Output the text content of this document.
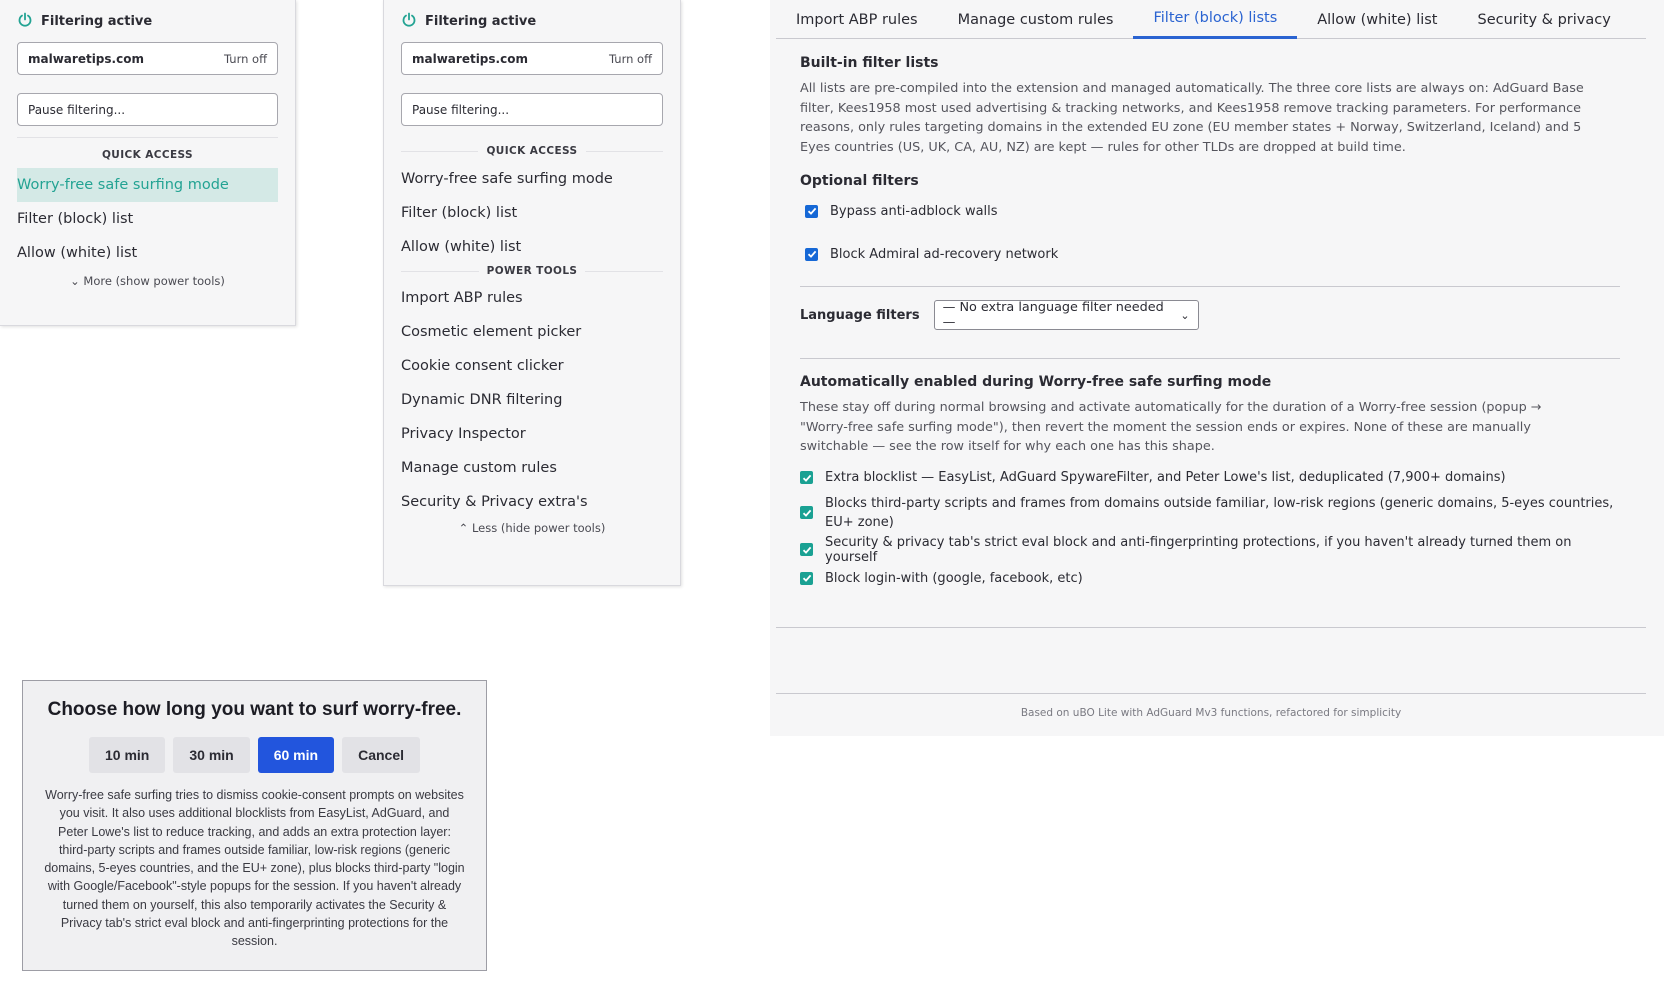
Filtering active
malwaretips.com	Turn off
Pause filtering...
QUICK ACCESS
Worry-free safe surfing mode
Filter (block) list
Allow (white) list
⌄ More (show power tools)
Filtering active
malwaretips.com	Turn off
Pause filtering...
QUICK ACCESS
Worry-free safe surfing mode
Filter (block) list
Allow (white) list
POWER TOOLS
Import ABP rules
Cosmetic element picker
Cookie consent clicker
Dynamic DNR filtering
Privacy Inspector
Manage custom rules
Security & Privacy extra's
⌃ Less (hide power tools)
Choose how long you want to surf worry-free.
10 min	30 min	60 min	Cancel
Worry-free safe surfing tries to dismiss cookie-consent prompts on websites you visit. It also uses additional blocklists from EasyList, AdGuard, and Peter Lowe's list to reduce tracking, and adds an extra protection layer: third-party scripts and frames outside familiar, low-risk regions (generic domains, 5-eyes countries, and the EU+ zone), plus blocks third-party "login with Google/Facebook"-style popups for the session. If you haven't already turned them on yourself, this also temporarily activates the Security & Privacy tab's strict eval block and anti-fingerprinting protections for the session.
Import ABP rules	Manage custom rules	Filter (block) lists	Allow (white) list	Security & privacy
Built-in filter lists
All lists are pre-compiled into the extension and managed automatically. The three core lists are always on: AdGuard Base filter, Kees1958 most used advertising & tracking networks, and Kees1958 remove tracking parameters. For performance reasons, only rules targeting domains in the extended EU zone (EU member states + Norway, Switzerland, Iceland) and 5 Eyes countries (US, UK, CA, AU, NZ) are kept — rules for other TLDs are dropped at build time.
Optional filters
Bypass anti-adblock walls
Block Admiral ad-recovery network
Language filters — No extra language filter needed —	⌄
Automatically enabled during Worry-free safe surfing mode
These stay off during normal browsing and activate automatically for the duration of a Worry-free session (popup → "Worry-free safe surfing mode"), then revert the moment the session ends or expires. None of these are manually switchable — see the row itself for why each one has this shape.
Extra blocklist — EasyList, AdGuard SpywareFilter, and Peter Lowe's list, deduplicated (7,900+ domains)
Blocks third-party scripts and frames from domains outside familiar, low-risk regions (generic domains, 5-eyes countries, EU+ zone)
Security & privacy tab's strict eval block and anti-fingerprinting protections, if you haven't already turned them on yourself
Block login-with (google, facebook, etc)
Based on uBO Lite with AdGuard Mv3 functions, refactored for simplicity
